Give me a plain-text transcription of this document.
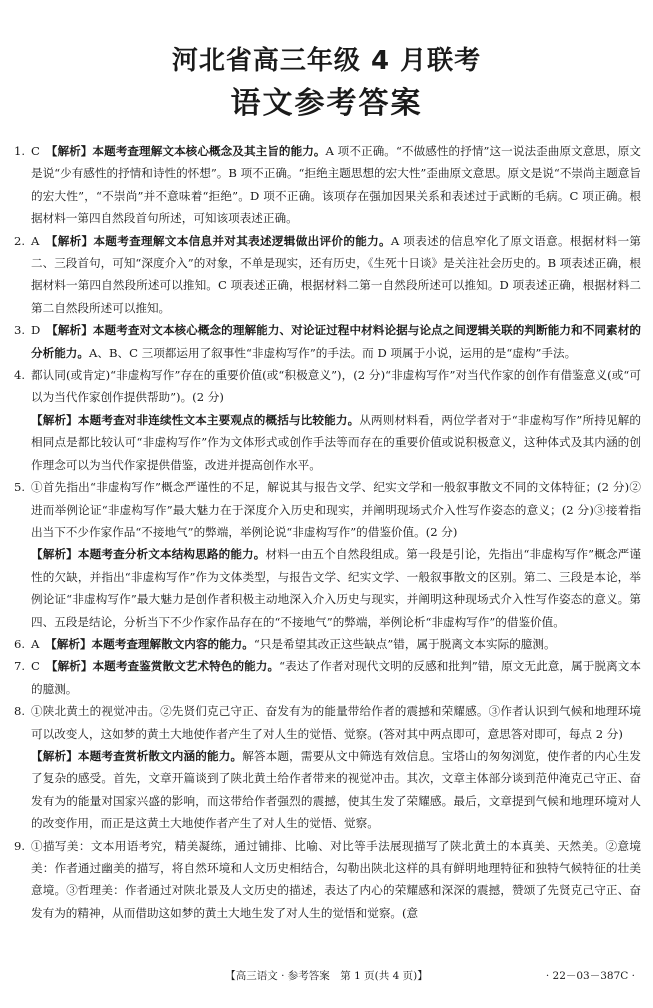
河北省高三年级 4 月联考
语文参考答案
1. C　 【解析】本题考查理解文本核心概念及其主旨的能力。A 项不正确。“不做感性的抒情”这一说法歪曲原文意思，原文是说“少有感性的抒情和诗性的怀想”。B 项不正确。“拒绝主题思想的宏大性”歪曲原文意思。原文是说“不崇尚主题意旨的宏大性”，“不崇尚”并不意味着“拒绝”。D 项不正确。该项存在强加因果关系和表述过于武断的毛病。C 项正确。根据材料一第四自然段首句所述，可知该项表述正确。
2. A　 【解析】本题考查理解文本信息并对其表述逻辑做出评价的能力。A 项表述的信息窄化了原文语意。根据材料一第二、三段首句，可知“深度介入”的对象，不单是现实，还有历史，《生死十日谈》是关注社会历史的。B 项表述正确，根据材料一第四自然段所述可以推知。C 项表述正确，根据材料二第一自然段所述可以推知。D 项表述正确，根据材料二第二自然段所述可以推知。
3. D　 【解析】本题考查对文本核心概念的理解能力、对论证过程中材料论据与论点之间逻辑关联的判断能力和不同素材的分析能力。A、B、C 三项都运用了叙事性“非虚构写作”的手法。而 D 项属于小说，运用的是“虚构”手法。
4. 都认同(或肯定)“非虚构写作”存在的重要价值(或“积极意义”)，(2 分)“非虚构写作”对当代作家的创作有借鉴意义(或“可以为当代作家创作提供帮助”)。(2 分)
【解析】本题考查对非连续性文本主要观点的概括与比较能力。从两则材料看，两位学者对于“非虚构写作”所持见解的相同点是都比较认可“非虚构写作”作为文体形式或创作手法等而存在的重要价值或说积极意义，这种体式及其内涵的创作理念可以为当代作家提供借鉴，改进并提高创作水平。
5. ①首先指出“非虚构写作”概念严谨性的不足，解说其与报告文学、纪实文学和一般叙事散文不同的文体特征；(2 分)②进而举例论证“非虚构写作”最大魅力在于深度介入历史和现实，并阐明现场式介入性写作姿态的意义；(2 分)③接着指出当下不少作家作品“不接地气”的弊端，举例论说“非虚构写作”的借鉴价值。(2 分)
【解析】本题考查分析文本结构思路的能力。材料一由五个自然段组成。第一段是引论，先指出“非虚构写作”概念严谨性的欠缺，并指出“非虚构写作”作为文体类型，与报告文学、纪实文学、一般叙事散文的区别。第二、三段是本论，举例论证“非虚构写作”最大魅力是创作者积极主动地深入介入历史与现实，并阐明这种现场式介入性写作姿态的意义。第四、五段是结论，分析当下不少作家作品存在的“不接地气”的弊端，举例论析“非虚构写作”的借鉴价值。
6. A　 【解析】本题考查理解散文内容的能力。“只是希望其改正这些缺点”错，属于脱离文本实际的臆测。
7. C　 【解析】本题考查鉴赏散文艺术特色的能力。“表达了作者对现代文明的反感和批判”错，原文无此意，属于脱离文本的臆测。
8. ①陕北黄土的视觉冲击。②先贤们克己守正、奋发有为的能量带给作者的震撼和荣耀感。③作者认识到气候和地理环境可以改变人，这如梦的黄土大地使作者产生了对人生的觉悟、觉察。(答对其中两点即可，意思答对即可，每点 2 分)
【解析】本题考查赏析散文内涵的能力。解答本题，需要从文中筛选有效信息。宝塔山的匆匆浏览，使作者的内心生发了复杂的感受。首先，文章开篇谈到了陕北黄土给作者带来的视觉冲击。其次，文章主体部分谈到范仲淹克己守正、奋发有为的能量对国家兴盛的影响，而这带给作者强烈的震撼，使其生发了荣耀感。最后，文章提到气候和地理环境对人的改变作用，而正是这黄土大地使作者产生了对人生的觉悟、觉察。
9. ①描写美：文本用语考究，精美凝练，通过铺排、比喻、对比等手法展现描写了陕北黄土的本真美、天然美。②意境美：作者通过幽美的描写，将自然环境和人文历史相结合，勾勒出陕北这样的具有鲜明地理特征和独特气候特征的壮美意境。③哲理美：作者通过对陕北景及人文历史的描述，表达了内心的荣耀感和深深的震撼，赞颂了先贤克己守正、奋发有为的精神，从而借助这如梦的黄土大地生发了对人生的觉悟和觉察。(意
【高三语文 · 参考答案　第 1 页(共 4 页)】	· 22－03－387C ·
